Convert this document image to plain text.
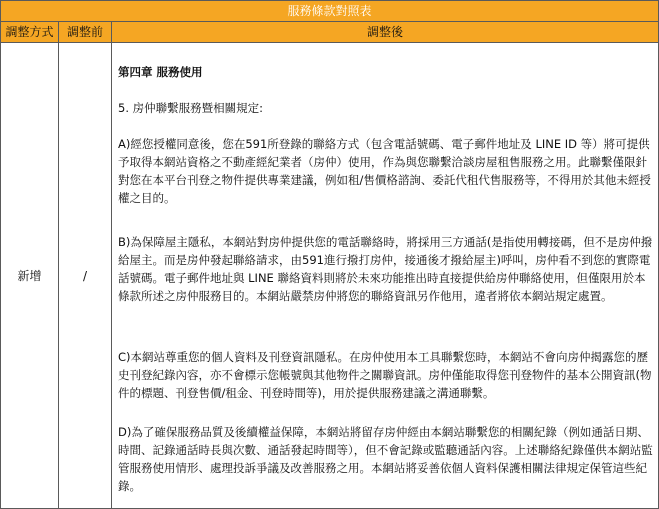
服務條款對照表
調整方式	調整前	調整後
新增	/

第四章 服務使用

5. 房仲聯繫服務暨相關規定:

A)經您授權同意後，您在591所登錄的聯絡方式（包含電話號碼、電子郵件地址及 LINE ID 等）將可提供予取得本網站資格之不動產經紀業者（房仲）使用，作為與您聯繫洽談房屋租售服務之用。此聯繫僅限針對您在本平台刊登之物件提供專業建議，例如租/售價格諮詢、委託代租代售服務等，不得用於其他未經授權之目的。

B)為保障屋主隱私，本網站對房仲提供您的電話聯絡時，將採用三方通話(是指使用轉接碼，但不是房仲撥給屋主。而是房仲發起聯絡請求，由591進行撥打房仲，接通後才撥給屋主)呼叫，房仲看不到您的實際電話號碼。電子郵件地址與 LINE 聯絡資料則將於未來功能推出時直接提供給房仲聯絡使用，但僅限用於本條款所述之房仲服務目的。本網站嚴禁房仲將您的聯絡資訊另作他用，違者將依本網站規定處置。

C)本網站尊重您的個人資料及刊登資訊隱私。在房仲使用本工具聯繫您時，本網站不會向房仲揭露您的歷史刊登紀錄內容，亦不會標示您帳號與其他物件之關聯資訊。房仲僅能取得您刊登物件的基本公開資訊(物件的標題、刊登售價/租金、刊登時間等)，用於提供服務建議之溝通聯繫。

D)為了確保服務品質及後續權益保障，本網站將留存房仲經由本網站聯繫您的相關紀錄（例如通話日期、時間、記錄通話時長與次數、通話發起時間等），但不會記錄或監聽通話內容。上述聯絡紀錄僅供本網站監管服務使用情形、處理投訴爭議及改善服務之用。本網站將妥善依個人資料保護相關法律規定保管這些紀錄。
